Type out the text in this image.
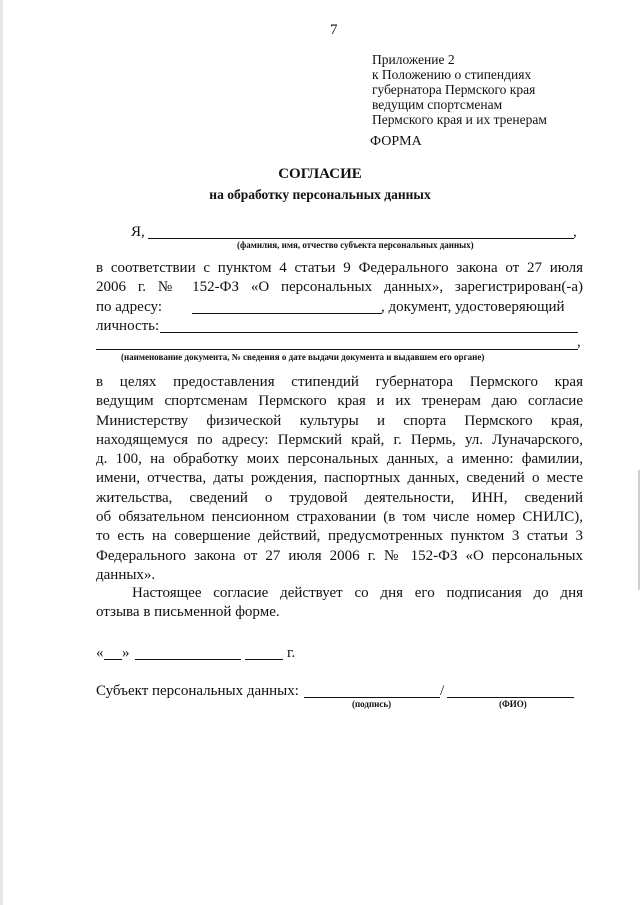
7
Приложение 2
к Положению о стипендиях
губернатора Пермского края
ведущим спортсменам
Пермского края и их тренерам
ФОРМА
СОГЛАСИЕ
на обработку персональных данных
Я,	,
(фамилия, имя, отчество субъекта персональных данных)
в соответствии с пунктом 4 статьи 9 Федерального закона от 27 июля
2006 г. № 152-ФЗ «О персональных данных», зарегистрирован(-а)
по адресу:	, документ, удостоверяющий
личность:
,
(наименование документа, № сведения о дате выдачи документа и выдавшем его органе)
в целях предоставления стипендий губернатора Пермского края
ведущим спортсменам Пермского края и их тренерам даю согласие
Министерству физической культуры и спорта Пермского края,
находящемуся по адресу: Пермский край, г. Пермь, ул. Луначарского,
д. 100, на обработку моих персональных данных, а именно: фамилии,
имени, отчества, даты рождения, паспортных данных, сведений о месте
жительства, сведений о трудовой деятельности, ИНН, сведений
об обязательном пенсионном страховании (в том числе номер СНИЛС),
то есть на совершение действий, предусмотренных пунктом 3 статьи 3
Федерального закона от 27 июля 2006 г. № 152-ФЗ «О персональных
данных».
Настоящее согласие действует со дня его подписания до дня
отзыва в письменной форме.
« »	г.
Субъект персональных данных:	/
(подпись)	(ФИО)
